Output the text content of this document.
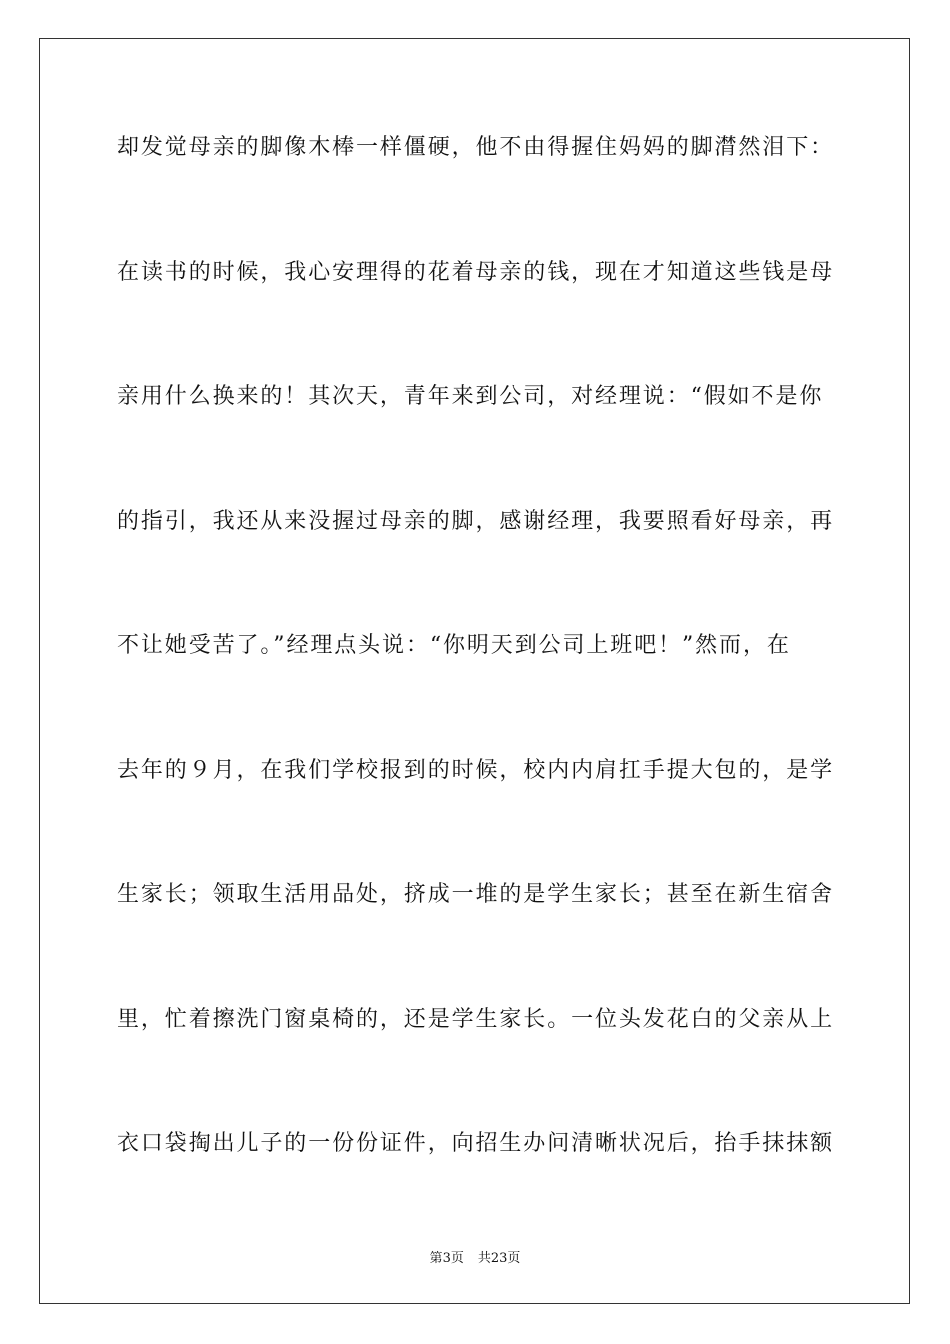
却发觉母亲的脚像木棒一样僵硬，他不由得握住妈妈的脚潸然泪下：
在读书的时候，我心安理得的花着母亲的钱，现在才知道这些钱是母
亲用什么换来的！其次天，青年来到公司，对经理说：“假如不是你
的指引，我还从来没握过母亲的脚，感谢经理，我要照看好母亲，再
不让她受苦了。”经理点头说：“你明天到公司上班吧！”然而，在
去年的９月，在我们学校报到的时候，校内内肩扛手提大包的，是学
生家长；领取生活用品处，挤成一堆的是学生家长；甚至在新生宿舍
里，忙着擦洗门窗桌椅的，还是学生家长。一位头发花白的父亲从上
衣口袋掏出儿子的一份份证件，向招生办问清晰状况后，抬手抹抹额
第3页 共23页
